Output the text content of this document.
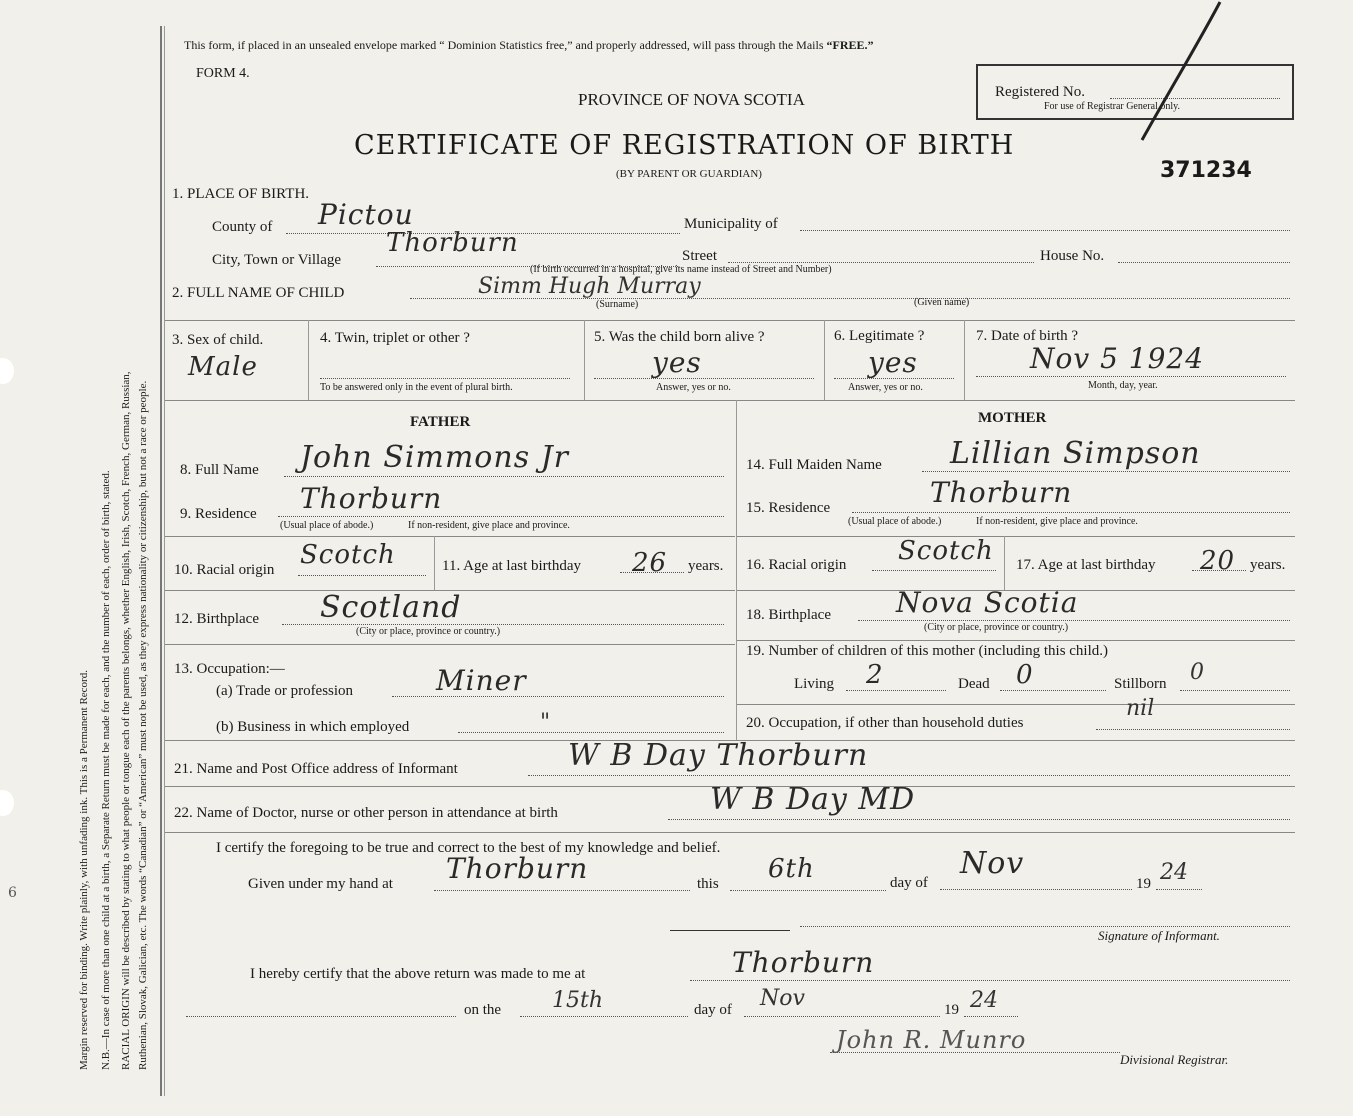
6	Margin reserved for binding. Write plainly, with unfading ink. This is a Permanent Record. N.B.—In case of more than one child at a birth, a Separate Return must be made for each, and the number of each, order of birth, stated. RACIAL ORIGIN will be described by stating to what people or tongue each of the parents belongs, whether English, Irish, Scotch, French, German, Russian, Ruthenian, Slovak, Galician, etc. The words “Canadian” or “American” must not be used, as they express nationality or citizenship, but not a race or people.
This form, if placed in an unsealed envelope marked “ Dominion Statistics free,” and properly addressed, will pass through the Mails “FREE.”
FORM 4.
PROVINCE OF NOVA SCOTIA	Registered No.
For use of Registrar General only.
CERTIFICATE OF REGISTRATION OF BIRTH
(BY PARENT OR GUARDIAN)	371234
1. PLACE OF BIRTH.
County of Pictou	Municipality of
City, Town or Village
Thorburn	Street	House No.
(If birth occurred in a hospital, give its name instead of Street and Number)
2. FULL NAME OF CHILD	Simm Hugh Murray
(Surname)	(Given name)
3. Sex of child.
Male
4. Twin, triplet or other ?
To be answered only in the event of plural birth.
5. Was the child born alive ?
yes
Answer, yes or no.
6. Legitimate ?
yes
Answer, yes or no.
7. Date of birth ?
Nov 5 1924
Month, day, year.
FATHER
8. Full Name John Simmons Jr
9. Residence Thorburn
(Usual place of abode.)	If non-resident, give place and province.
10. Racial origin Scotch	11. Age at last birthday 26 years.
12. Birthplace Scotland
(City or place, province or country.)
13. Occupation:—
(a) Trade or profession	Miner
(b) Business in which employed	"
MOTHER
14. Full Maiden Name Lillian Simpson
15. Residence	Thorburn
(Usual place of abode.)	If non-resident, give place and province.
16. Racial origin Scotch 17. Age at last birthday 20 years.
18. Birthplace Nova Scotia
(City or place, province or country.)
19. Number of children of this mother (including this child.)
Living 2	Dead 0	Stillborn 0
20. Occupation, if other than household duties
nil
21. Name and Post Office address of Informant	W B Day Thorburn
22. Name of Doctor, nurse or other person in attendance at birth	W B Day MD
I certify the foregoing to be true and correct to the best of my knowledge and belief.
Given under my hand at Thorburn	this 6th	day of
Nov
19 24
Signature of Informant.
I hereby certify that the above return was made to me at	Thorburn
on the 15th	day of Nov	19 24
John R. Munro
Divisional Registrar.
